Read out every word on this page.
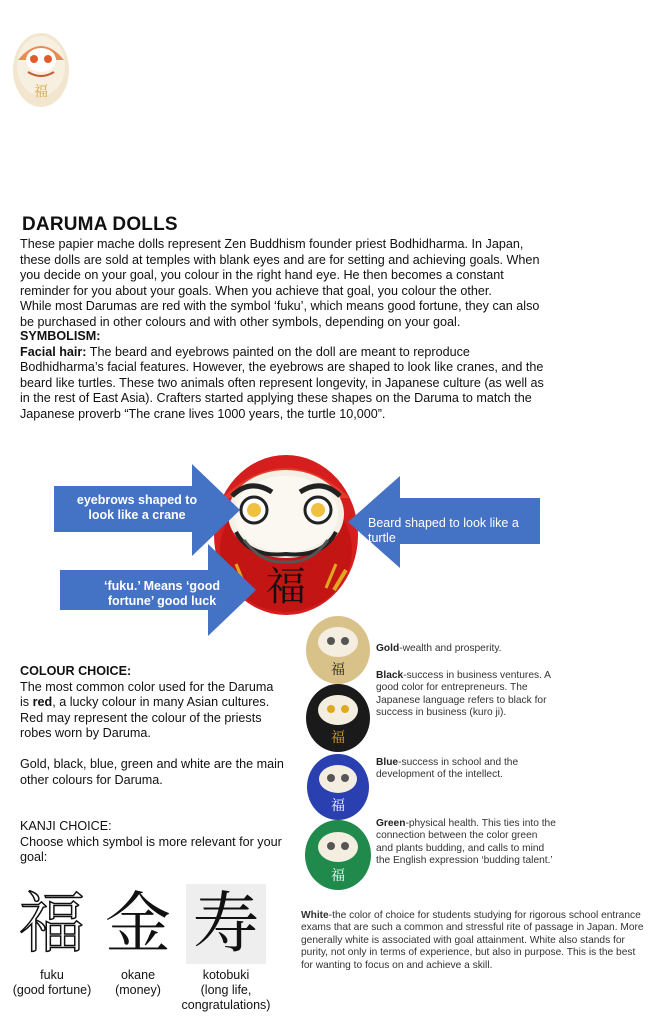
福
DARUMA DOLLS
These papier mache dolls represent Zen Buddhism founder priest Bodhidharma. In Japan,
these dolls are sold at temples with blank eyes and are for setting and achieving goals. When
you decide on your goal, you colour in the right hand eye. He then becomes a constant
reminder for you about your goals. When you achieve that goal, you colour the other.
While most Darumas are red with the symbol ‘fuku’, which means good fortune, they can also
be purchased in other colours and with other symbols, depending on your goal.
SYMBOLISM:
Facial hair: The beard and eyebrows painted on the doll are meant to reproduce
Bodhidharma’s facial features. However, the eyebrows are shaped to look like cranes, and the
beard like turtles. These two animals often represent longevity, in Japanese culture (as well as
in the rest of East Asia). Crafters started applying these shapes on the Daruma to match the
Japanese proverb “The crane lives 1000 years, the turtle 10,000”.
福
eyebrows shaped to
look like a crane
Beard shaped to look like a
turtle
‘fuku.’ Means ‘good
fortune’ good luck
COLOUR CHOICE:
The most common color used for the Daruma is red, a lucky colour in many Asian cultures. Red may represent the colour of the priests robes worn by Daruma.
Gold, black, blue, green and white are the main other colours for Daruma.
KANJI CHOICE:
Choose which symbol is more relevant for your goal:
福 金 寿
fuku
(good fortune)
okane
(money)
kotobuki
(long life, congratulations)
福
福
福
福
Gold-wealth and prosperity.
Black-success in business ventures. A good color for entrepreneurs. The Japanese language refers to black for success in business (kuro ji).
Blue-success in school and the development of the intellect.
Green-physical health. This ties into the connection between the color green and plants budding, and calls to mind the English expression ‘budding talent.’
White-the color of choice for students studying for rigorous school entrance exams that are such a common and stressful rite of passage in Japan. More generally white is associated with goal attainment. White also stands for purity, not only in terms of experience, but also in purpose. This is the best for wanting to focus on and achieve a skill.
